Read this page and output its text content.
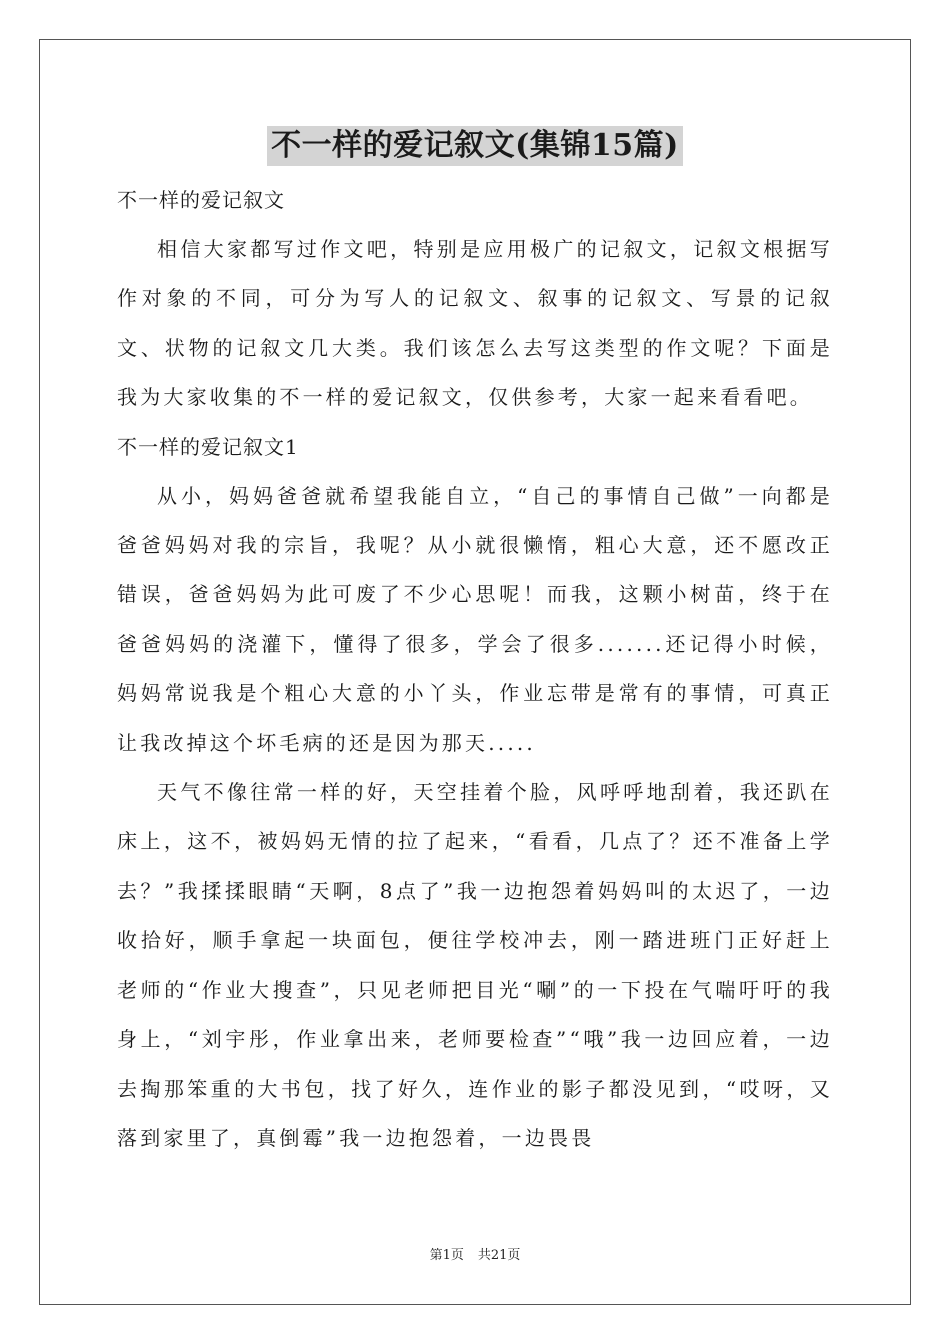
不一样的爱记叙文(集锦15篇)

不一样的爱记叙文

相信大家都写过作文吧，特别是应用极广的记叙文，记叙文根据写作对象的不同，可分为写人的记叙文、叙事的记叙文、写景的记叙文、状物的记叙文几大类。我们该怎么去写这类型的作文呢？下面是我为大家收集的不一样的爱记叙文，仅供参考，大家一起来看看吧。

不一样的爱记叙文1

从小，妈妈爸爸就希望我能自立，“自己的事情自己做”一向都是爸爸妈妈对我的宗旨，我呢？从小就很懒惰，粗心大意，还不愿改正错误，爸爸妈妈为此可废了不少心思呢！而我，这颗小树苗，终于在爸爸妈妈的浇灌下，懂得了很多，学会了很多.......还记得小时候，妈妈常说我是个粗心大意的小丫头，作业忘带是常有的事情，可真正让我改掉这个坏毛病的还是因为那天.....

天气不像往常一样的好，天空挂着个脸，风呼呼地刮着，我还趴在床上，这不，被妈妈无情的拉了起来，“看看，几点了？还不准备上学去？”我揉揉眼睛“天啊，8点了”我一边抱怨着妈妈叫的太迟了，一边收拾好，顺手拿起一块面包，便往学校冲去，刚一踏进班门正好赶上老师的“作业大搜查”，只见老师把目光“唰”的一下投在气喘吁吁的我身上，“刘宇彤，作业拿出来，老师要检查”“哦”我一边回应着，一边去掏那笨重的大书包，找了好久，连作业的影子都没见到，“哎呀，又落到家里了，真倒霉”我一边抱怨着，一边畏畏

第1页 共21页
